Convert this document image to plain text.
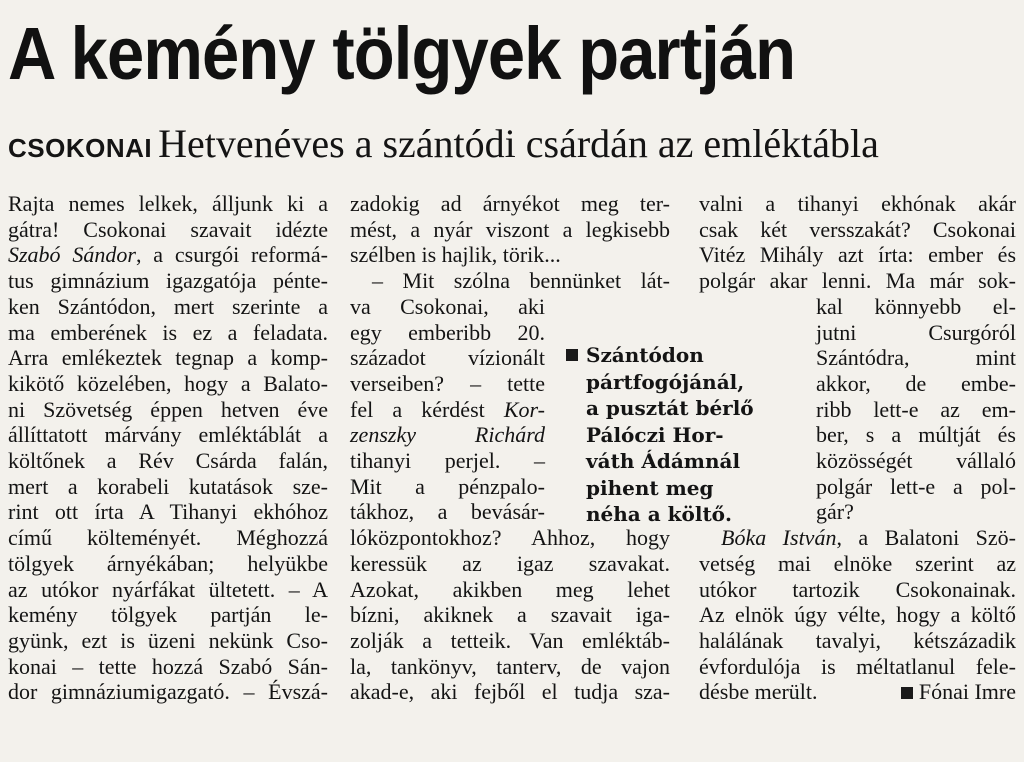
A kemény tölgyek partján
CSOKONAI Hetvenéves a szántódi csárdán az emléktábla
Rajta nemes lelkek, álljunk ki a
gátra! Csokonai szavait idézte
Szabó Sándor, a csurgói reformá-
tus gimnázium igazgatója pénte-
ken Szántódon, mert szerinte a
ma emberének is ez a feladata.
Arra emlékeztek tegnap a komp-
kikötő közelében, hogy a Balato-
ni Szövetség éppen hetven éve
állíttatott márvány emléktáblát a
költőnek a Rév Csárda falán,
mert a korabeli kutatások sze-
rint ott írta A Tihanyi ekhóhoz
című költeményét. Méghozzá
tölgyek árnyékában; helyükbe
az utókor nyárfákat ültetett. – A
kemény tölgyek partján le-
gyünk, ezt is üzeni nekünk Cso-
konai – tette hozzá Szabó Sán-
dor gimnáziumigazgató. – Évszá-
zadokig ad árnyékot meg ter-
mést, a nyár viszont a legkisebb
szélben is hajlik, törik...
– Mit szólna bennünket lát-
va Csokonai, aki
egy emberibb 20.
századot vízionált
verseiben? – tette
fel a kérdést Kor-
zenszky Richárd
tihanyi perjel. –
Mit a pénzpalo-
tákhoz, a bevásár-
lóközpontokhoz? Ahhoz, hogy
keressük az igaz szavakat.
Azokat, akikben meg lehet
bízni, akiknek a szavait iga-
zolják a tetteik. Van emléktáb-
la, tankönyv, tanterv, de vajon
akad-e, aki fejből el tudja sza-
Szántódon
pártfogójánál,
a pusztát bérlő
Pálóczi Hor-
váth Ádámnál
pihent meg
néha a költő.
valni a tihanyi ekhónak akár
csak két versszakát? Csokonai
Vitéz Mihály azt írta: ember és
polgár akar lenni. Ma már sok-
kal könnyebb el-
jutni Csurgóról
Szántódra, mint
akkor, de embe-
ribb lett-e az em-
ber, s a múltját és
közösségét vállaló
polgár lett-e a pol-
gár?
Bóka István, a Balatoni Szö-
vetség mai elnöke szerint az
utókor tartozik Csokonainak.
Az elnök úgy vélte, hogy a költő
halálának tavalyi, kétszázadik
évfordulója is méltatlanul fele-
désbe merült.	Fónai Imre
